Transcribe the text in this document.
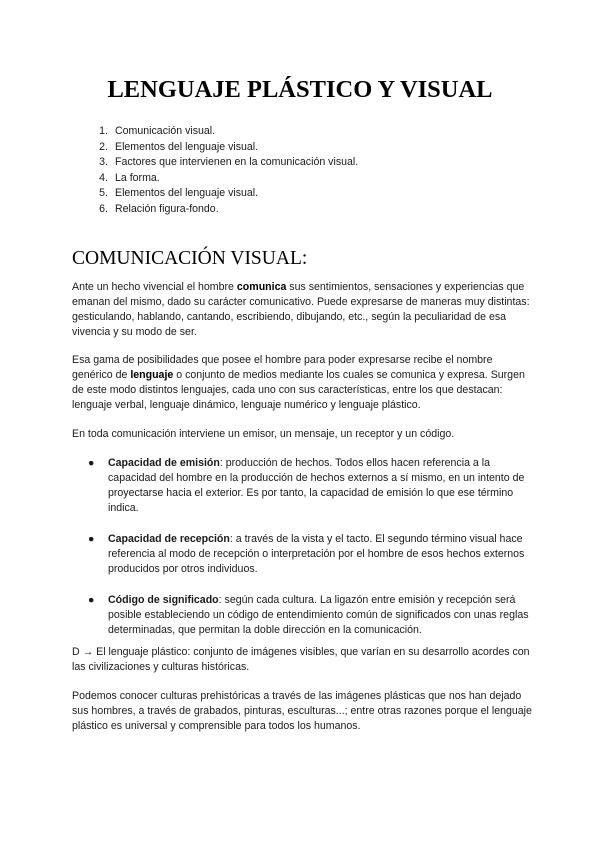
LENGUAJE PLÁSTICO Y VISUAL
1. Comunicación visual.
2. Elementos del lenguaje visual.
3. Factores que intervienen en la comunicación visual.
4. La forma.
5. Elementos del lenguaje visual.
6. Relación figura-fondo.
COMUNICACIÓN VISUAL:

Ante un hecho vivencial el hombre comunica sus sentimientos, sensaciones y experiencias que emanan del mismo, dado su carácter comunicativo. Puede expresarse de maneras muy distintas: gesticulando, hablando, cantando, escribiendo, dibujando, etc., según la peculiaridad de esa vivencia y su modo de ser.

Esa gama de posibilidades que posee el hombre para poder expresarse recibe el nombre genérico de lenguaje o conjunto de medios mediante los cuales se comunica y expresa. Surgen de este modo distintos lenguajes, cada uno con sus características, entre los que destacan: lenguaje verbal, lenguaje dinámico, lenguaje numérico y lenguaje plástico.

En toda comunicación interviene un emisor, un mensaje, un receptor y un código.

● Capacidad de emisión: producción de hechos. Todos ellos hacen referencia a la capacidad del hombre en la producción de hechos externos a sí mismo, en un intento de proyectarse hacia el exterior. Es por tanto, la capacidad de emisión lo que ese término indica.
● Capacidad de recepción: a través de la vista y el tacto. El segundo término visual hace referencia al modo de recepción o interpretación por el hombre de esos hechos externos producidos por otros individuos.
● Código de significado: según cada cultura. La ligazón entre emisión y recepción será posible estableciendo un código de entendimiento común de significados con unas reglas determinadas, que permitan la doble dirección en la comunicación.

D → El lenguaje plástico: conjunto de imágenes visibles, que varían en su desarrollo acordes con las civilizaciones y culturas históricas.

Podemos conocer culturas prehistóricas a través de las imágenes plásticas que nos han dejado sus hombres, a través de grabados, pinturas, esculturas...; entre otras razones porque el lenguaje plástico es universal y comprensible para todos los humanos.
